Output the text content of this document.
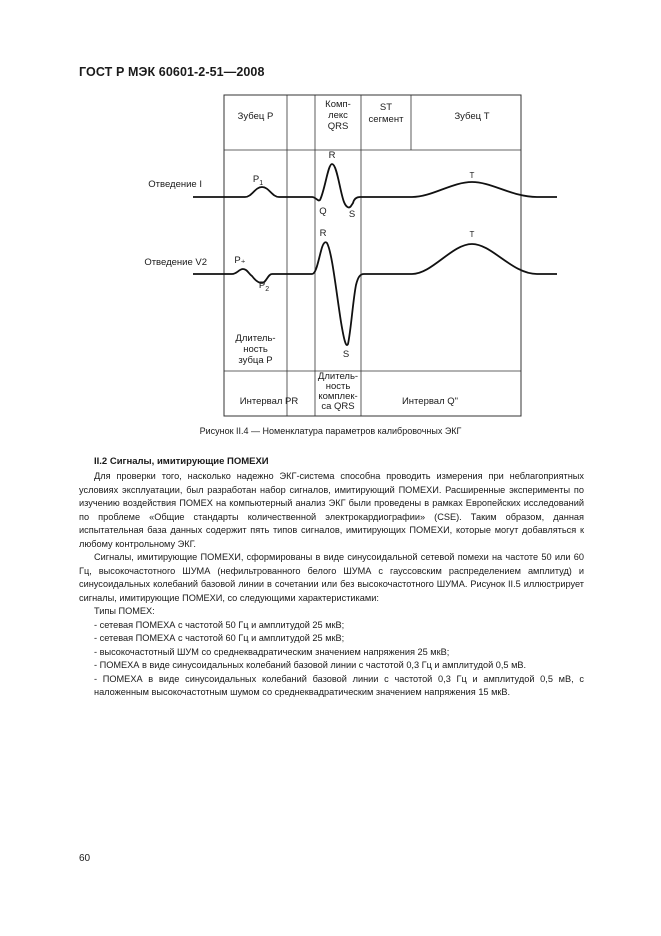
ГОСТ Р МЭК 60601-2-51—2008
Зубец P
Комп-
лекс
QRS
ST
сегмент	Зубец T
Отведение I
Отведение V2
$P_1$
R
Q S
T
P₊
$P_2$
R
S
T
Длитель-
ность
зубца P
Длитель-
ность
комплек-
са QRS
Интервал PR	Интервал Q"
Рисунок II.4 — Номенклатура параметров калибровочных ЭКГ
II.2 Сигналы, имитирующие ПОМЕХИ

Для проверки того, насколько надежно ЭКГ-система способна проводить измерения при неблагоприятных условиях эксплуатации, был разработан набор сигналов, имитирующий ПОМЕХИ. Расширенные эксперименты по изучению воздействия ПОМЕХ на компьютерный анализ ЭКГ были проведены в рамках Европейских исследований по проблеме «Общие стандарты количественной электрокардиографии» (CSE). Таким образом, данная испытательная база данных содержит пять типов сигналов, имитирующих ПОМЕХИ, которые могут добавляться к любому контрольному ЭКГ.

Сигналы, имитирующие ПОМЕХИ, сформированы в виде синусоидальной сетевой помехи на частоте 50 или 60 Гц, высокочастотного ШУМА (нефильтрованного белого ШУМА с гауссовским распределением амплитуд) и синусоидальных колебаний базовой линии в сочетании или без высокочастотного ШУМА. Рисунок II.5 иллюстрирует сигналы, имитирующие ПОМЕХИ, со следующими характеристиками:

Типы ПОМЕХ:

- сетевая ПОМЕХА с частотой 50 Гц и амплитудой 25 мкВ;

- сетевая ПОМЕХА с частотой 60 Гц и амплитудой 25 мкВ;

- высокочастотный ШУМ со среднеквадратическим значением напряжения 25 мкВ;

- ПОМЕХА в виде синусоидальных колебаний базовой линии с частотой 0,3 Гц и амплитудой 0,5 мВ.

- ПОМЕХА в виде синусоидальных колебаний базовой линии с частотой 0,3 Гц и амплитудой 0,5 мВ, с наложенным высокочастотным шумом со среднеквадратическим значением напряжения 15 мкВ.

60
